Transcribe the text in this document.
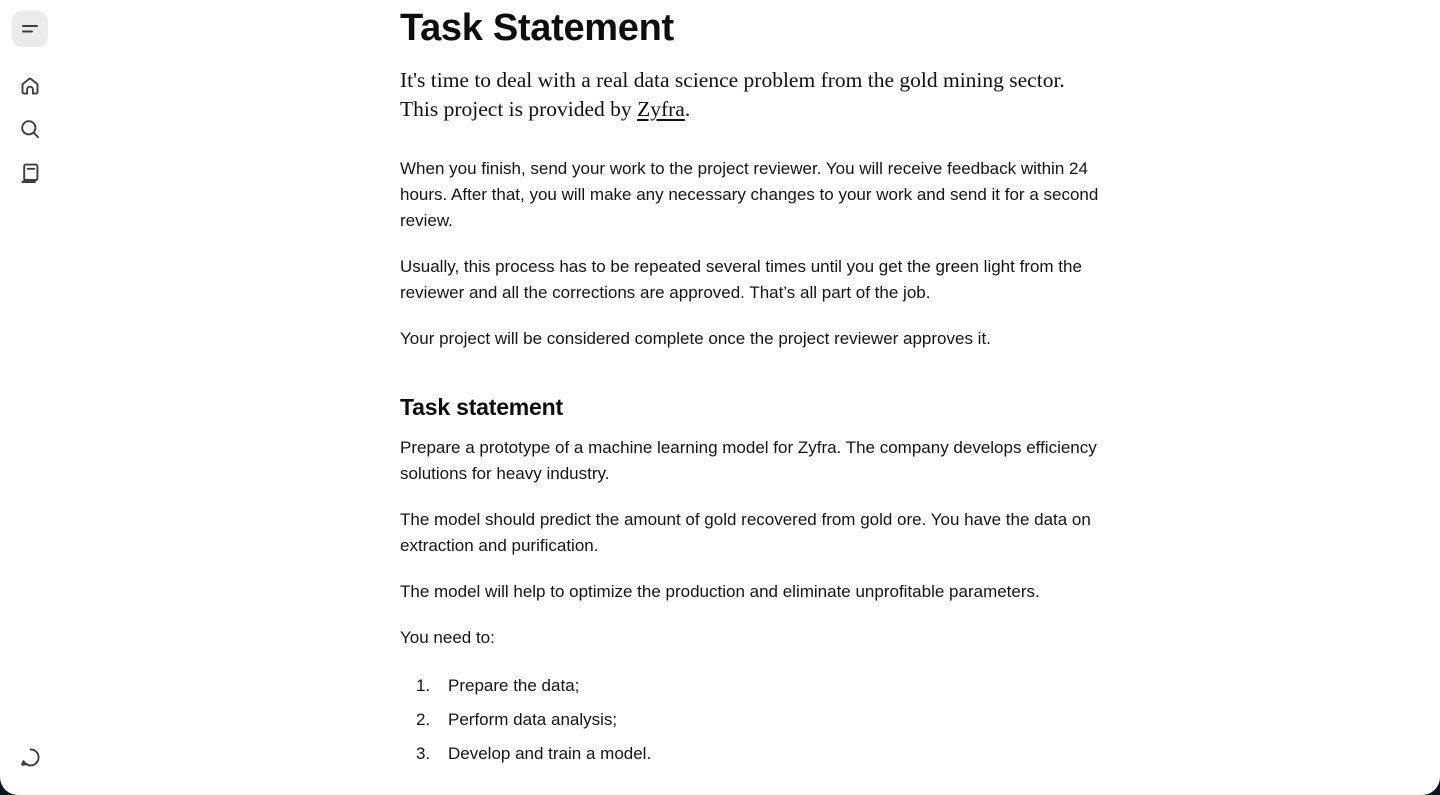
Task Statement

It's time to deal with a real data science problem from the gold mining sector. This project is provided by Zyfra.

When you finish, send your work to the project reviewer. You will receive feedback within 24 hours. After that, you will make any necessary changes to your work and send it for a second review.

Usually, this process has to be repeated several times until you get the green light from the reviewer and all the corrections are approved. That’s all part of the job.

Your project will be considered complete once the project reviewer approves it.

Task statement

Prepare a prototype of a machine learning model for Zyfra. The company develops efficiency solutions for heavy industry.

The model should predict the amount of gold recovered from gold ore. You have the data on extraction and purification.

The model will help to optimize the production and eliminate unprofitable parameters.

You need to:

1. Prepare the data;
2. Perform data analysis;
3. Develop and train a model.
